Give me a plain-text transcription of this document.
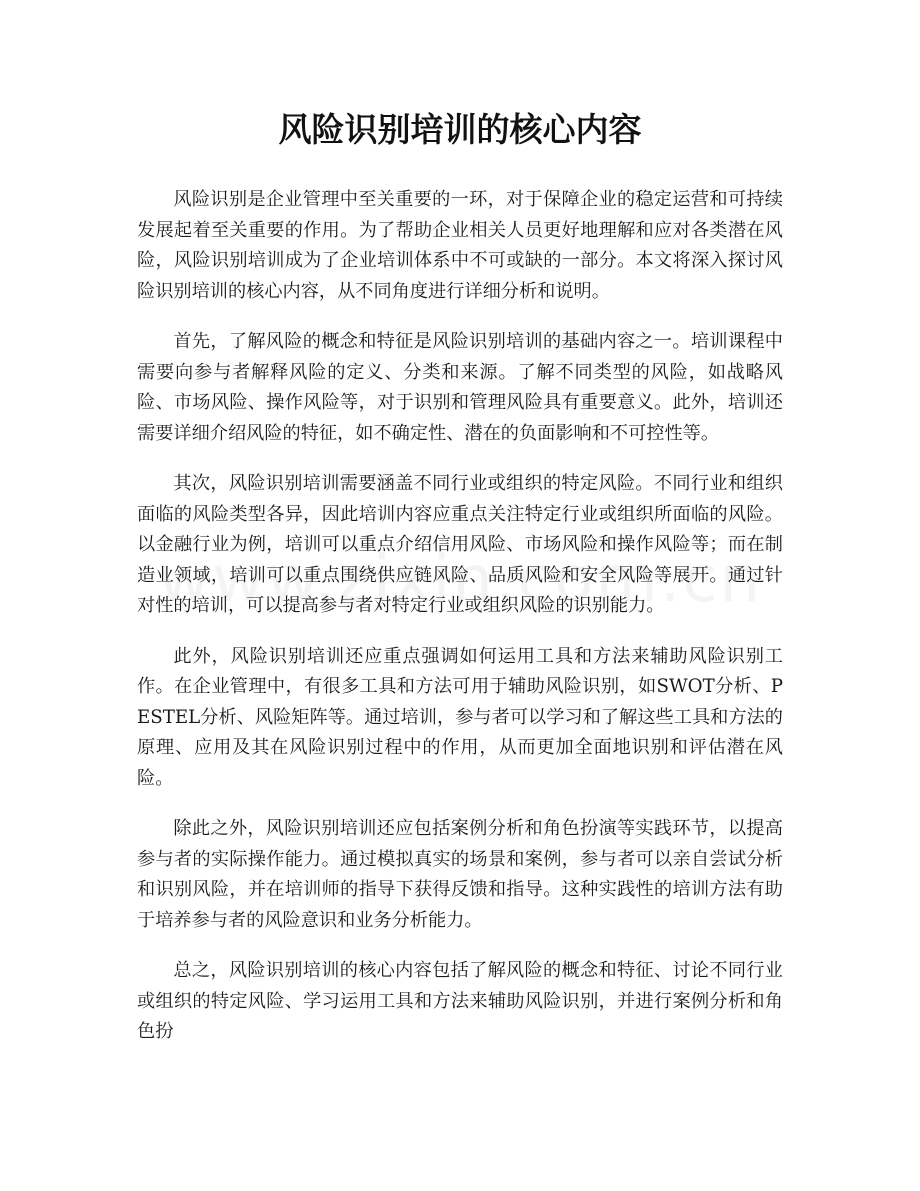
风险识别培训的核心内容

风险识别是企业管理中至关重要的一环，对于保障企业的稳定运营和可持续发展起着至关重要的作用。为了帮助企业相关人员更好地理解和应对各类潜在风险，风险识别培训成为了企业培训体系中不可或缺的一部分。本文将深入探讨风险识别培训的核心内容，从不同角度进行详细分析和说明。

首先，了解风险的概念和特征是风险识别培训的基础内容之一。培训课程中需要向参与者解释风险的定义、分类和来源。了解不同类型的风险，如战略风险、市场风险、操作风险等，对于识别和管理风险具有重要意义。此外，培训还需要详细介绍风险的特征，如不确定性、潜在的负面影响和不可控性等。

其次，风险识别培训需要涵盖不同行业或组织的特定风险。不同行业和组织面临的风险类型各异，因此培训内容应重点关注特定行业或组织所面临的风险。以金融行业为例，培训可以重点介绍信用风险、市场风险和操作风险等；而在制造业领域，培训可以重点围绕供应链风险、品质风险和安全风险等展开。通过针对性的培训，可以提高参与者对特定行业或组织风险的识别能力。

此外，风险识别培训还应重点强调如何运用工具和方法来辅助风险识别工作。在企业管理中，有很多工具和方法可用于辅助风险识别，如SWOT分析、PESTEL分析、风险矩阵等。通过培训，参与者可以学习和了解这些工具和方法的原理、应用及其在风险识别过程中的作用，从而更加全面地识别和评估潜在风险。

除此之外，风险识别培训还应包括案例分析和角色扮演等实践环节，以提高参与者的实际操作能力。通过模拟真实的场景和案例，参与者可以亲自尝试分析和识别风险，并在培训师的指导下获得反馈和指导。这种实践性的培训方法有助于培养参与者的风险意识和业务分析能力。

总之，风险识别培训的核心内容包括了解风险的概念和特征、讨论不同行业或组织的特定风险、学习运用工具和方法来辅助风险识别，并进行案例分析和角色扮
